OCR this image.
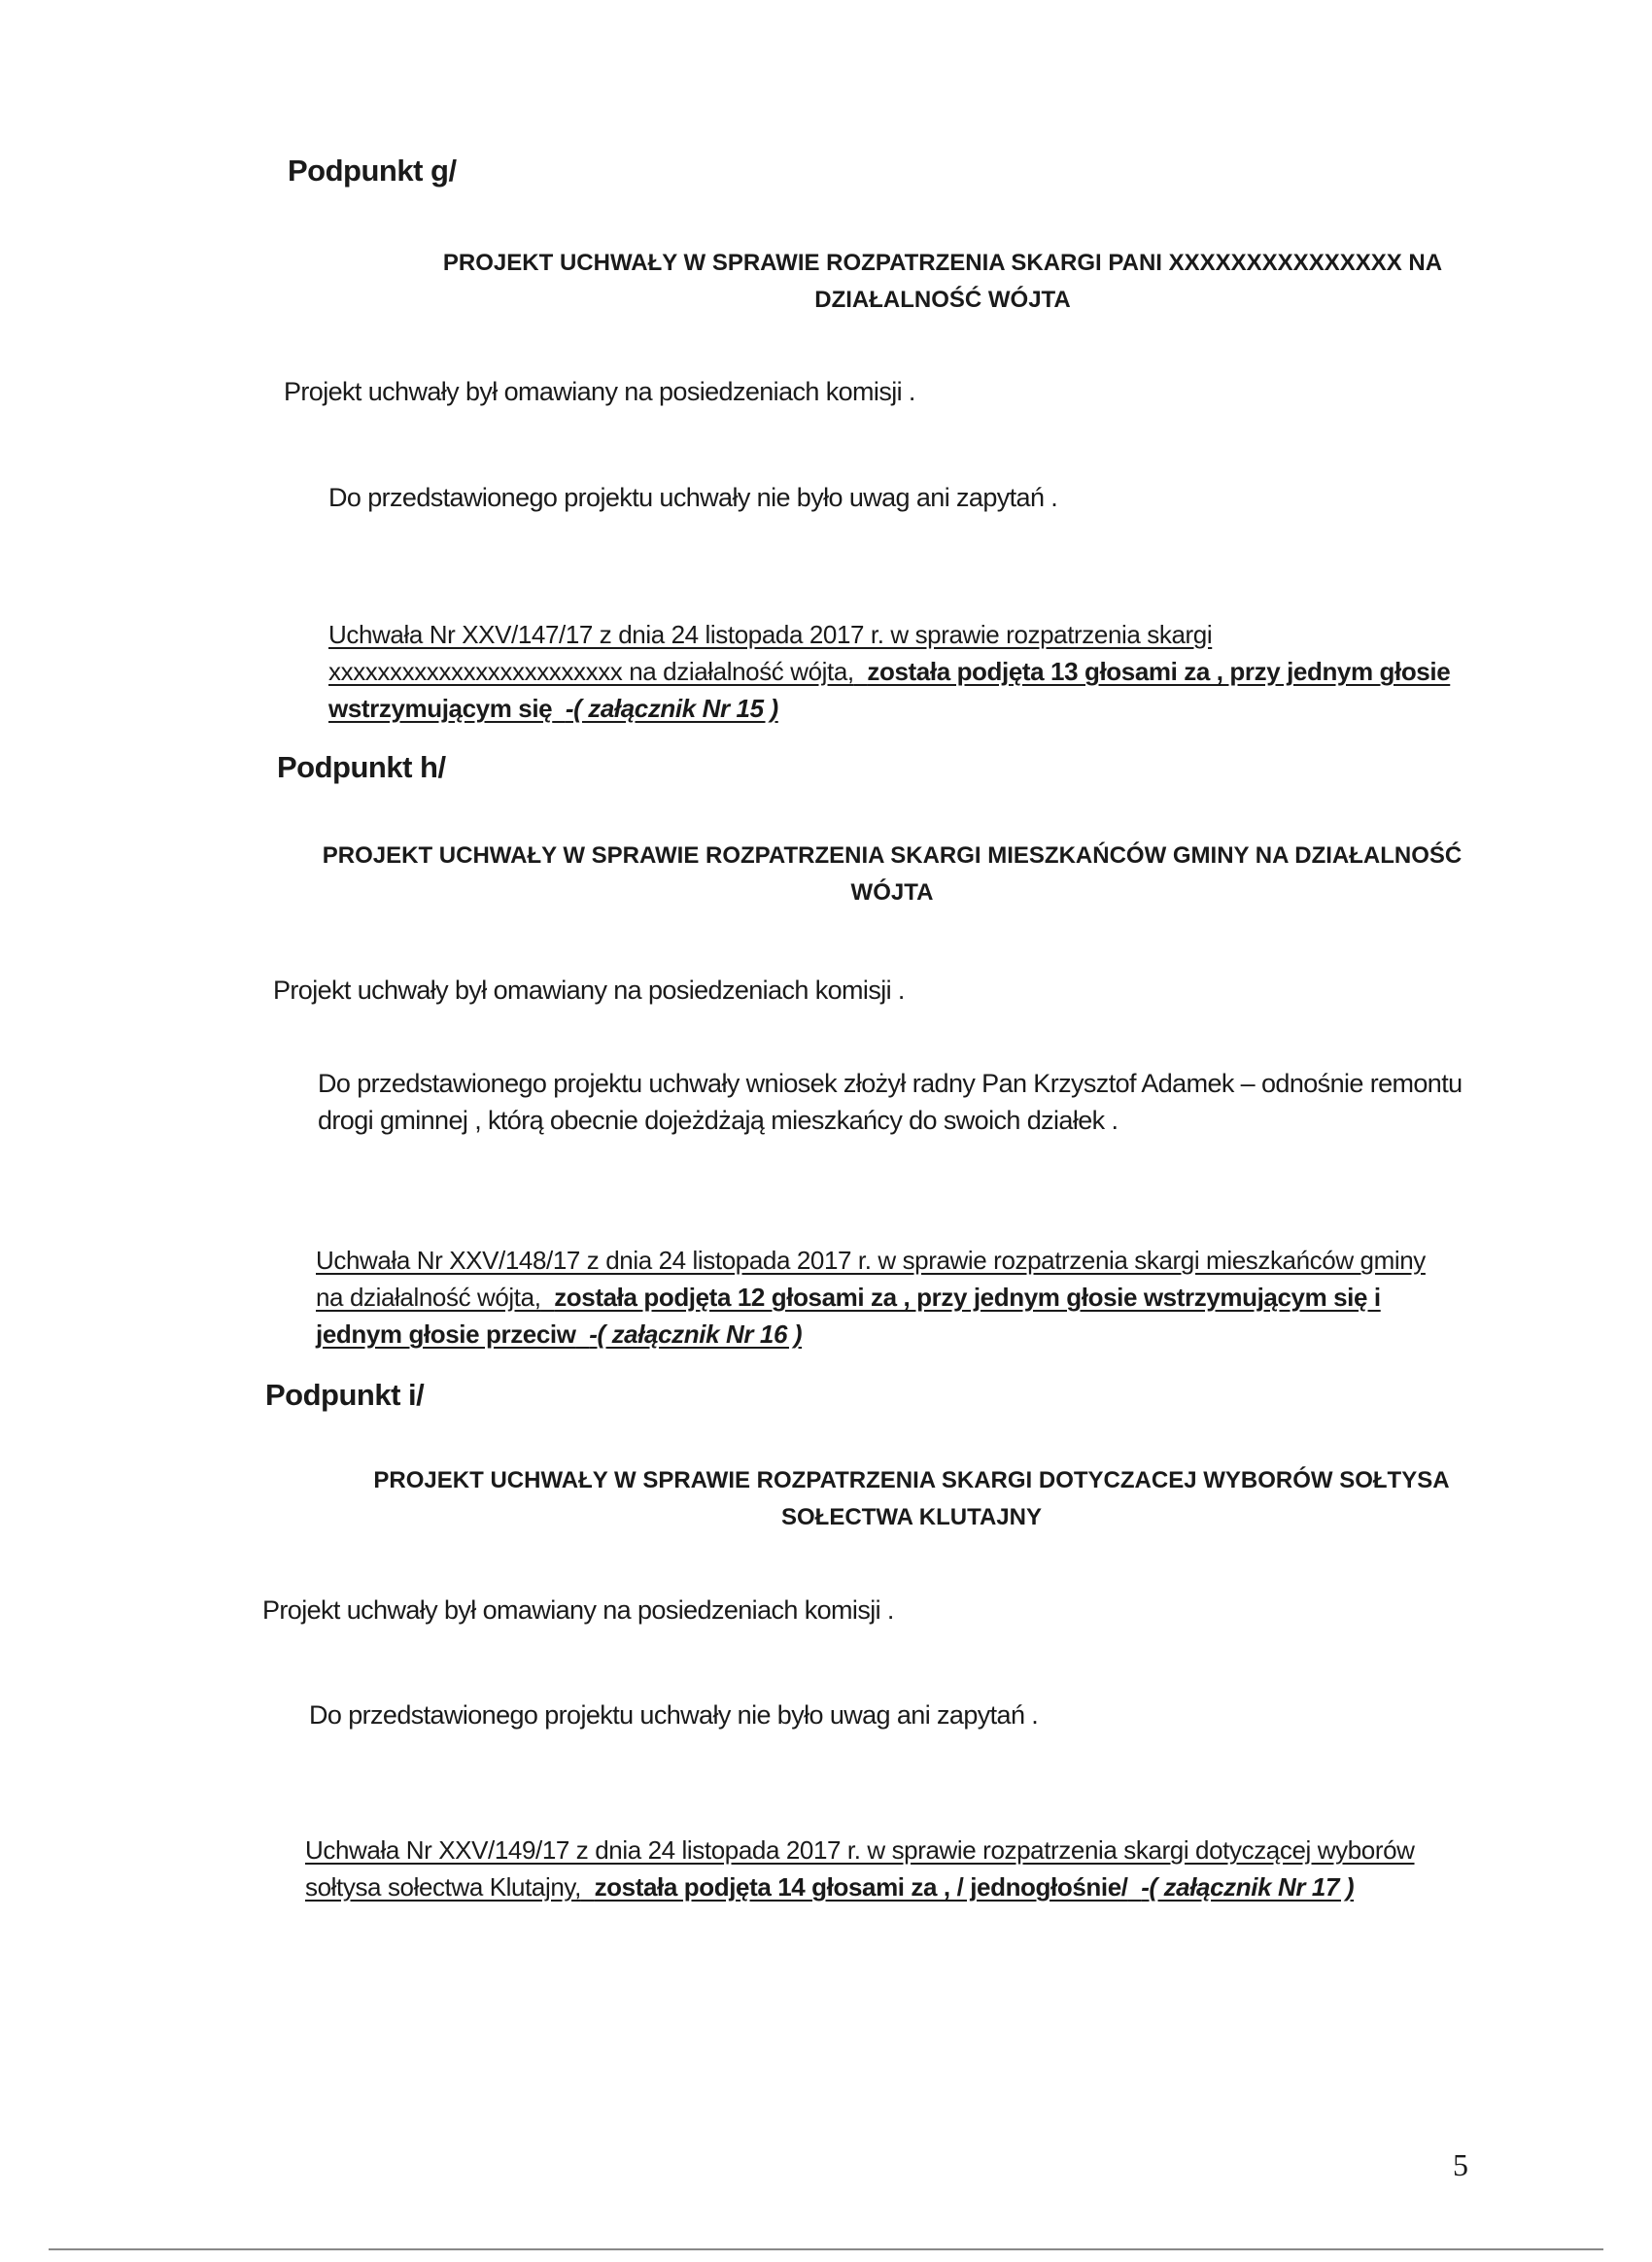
Podpunkt g/
PROJEKT UCHWAŁY W SPRAWIE ROZPATRZENIA SKARGI PANI XXXXXXXXXXXXXXX NA
DZIAŁALNOŚĆ WÓJTA
Projekt uchwały był omawiany na posiedzeniach komisji .
Do przedstawionego projektu uchwały nie było uwag ani zapytań .
Uchwała Nr XXV/147/17 z dnia 24 listopada 2017 r. w sprawie rozpatrzenia skargi
xxxxxxxxxxxxxxxxxxxxxxxx na działalność wójta, została podjęta 13 głosami za , przy jednym głosie
wstrzymującym się -( załącznik Nr 15 )
Podpunkt h/
PROJEKT UCHWAŁY W SPRAWIE ROZPATRZENIA SKARGI MIESZKAŃCÓW GMINY NA DZIAŁALNOŚĆ
WÓJTA
Projekt uchwały był omawiany na posiedzeniach komisji .
Do przedstawionego projektu uchwały wniosek złożył radny Pan Krzysztof Adamek – odnośnie remontu
drogi gminnej , którą obecnie dojeżdżają mieszkańcy do swoich działek .
Uchwała Nr XXV/148/17 z dnia 24 listopada 2017 r. w sprawie rozpatrzenia skargi mieszkańców gminy
na działalność wójta, została podjęta 12 głosami za , przy jednym głosie wstrzymującym się i
jednym głosie przeciw -( załącznik Nr 16 )
Podpunkt i/
PROJEKT UCHWAŁY W SPRAWIE ROZPATRZENIA SKARGI DOTYCZACEJ WYBORÓW SOŁTYSA
SOŁECTWA KLUTAJNY
Projekt uchwały był omawiany na posiedzeniach komisji .
Do przedstawionego projektu uchwały nie było uwag ani zapytań .
Uchwała Nr XXV/149/17 z dnia 24 listopada 2017 r. w sprawie rozpatrzenia skargi dotyczącej wyborów
sołtysa sołectwa Klutajny, została podjęta 14 głosami za , / jednogłośnie/ -( załącznik Nr 17 )
5
